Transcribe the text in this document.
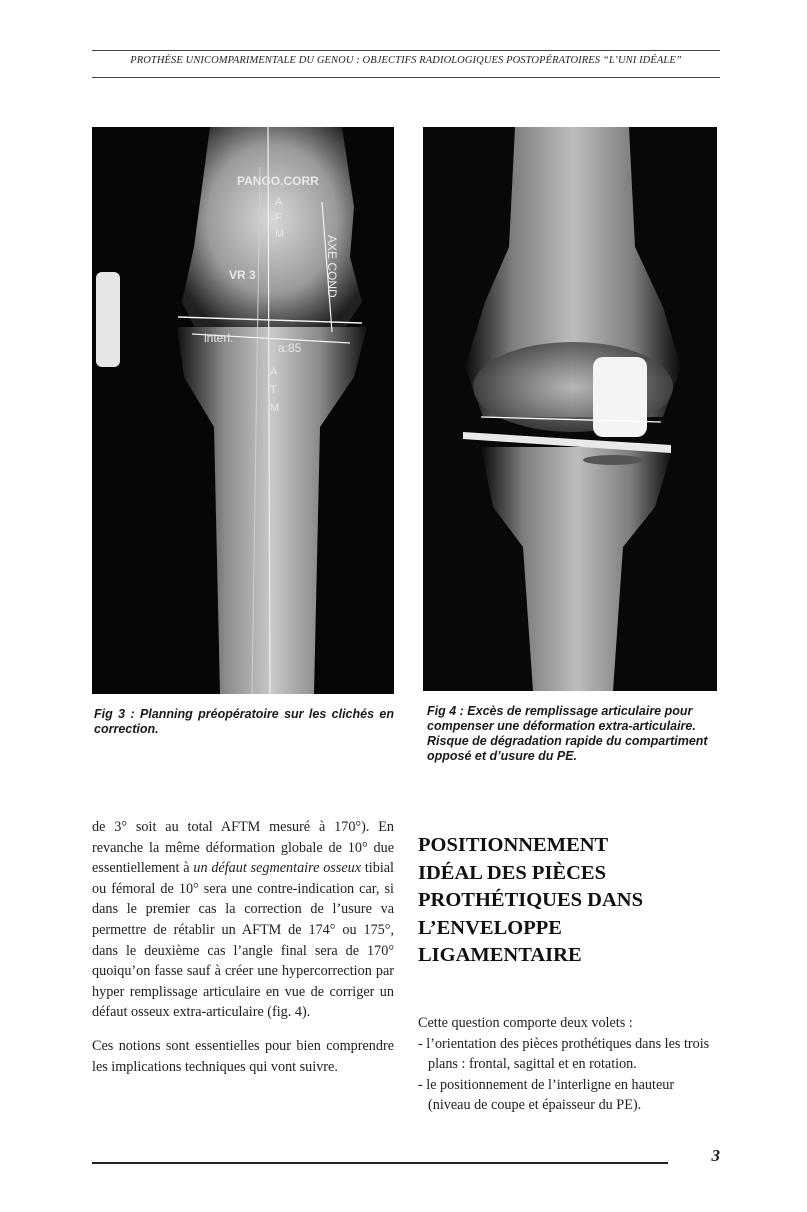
PROTHÈSE UNICOMPARIMENTALE DU GENOU : OBJECTIFS RADIOLOGIQUES POSTOPÉRATOIRES “L’UNI IDÉALE”
PANGO.CORR
A
F
M
AXE COND
VR 3
interl.
a:85
A
T
M
Fig 3 : Planning préopératoire sur les clichés en correction.
Fig 4 : Excès de remplissage articulaire pour compenser une déformation extra-articulaire. Risque de dégradation rapide du compartiment opposé et d’usure du PE.

de 3° soit au total AFTM mesuré à 170°). En revanche la même déformation globale de 10° due essentiellement à un défaut segmentaire osseux tibial ou fémoral de 10° sera une contre-indication car, si dans le premier cas la correction de l’usure va permettre de rétablir un AFTM de 174° ou 175°, dans le deuxième cas l’angle final sera de 170° quoiqu’on fasse sauf à créer une hypercorrection par hyper remplissage articulaire en vue de corriger un défaut osseux extra-articulaire (fig. 4).

Ces notions sont essentielles pour bien comprendre les implications techniques qui vont suivre.

POSITIONNEMENT
IDÉAL DES PIÈCES
PROTHÉTIQUES DANS
L’ENVELOPPE
LIGAMENTAIRE

Cette question comporte deux volets :

- l’orientation des pièces prothétiques dans les trois plans : frontal, sagittal et en rotation.
- le positionnement de l’interligne en hauteur (niveau de coupe et épaisseur du PE).
3
